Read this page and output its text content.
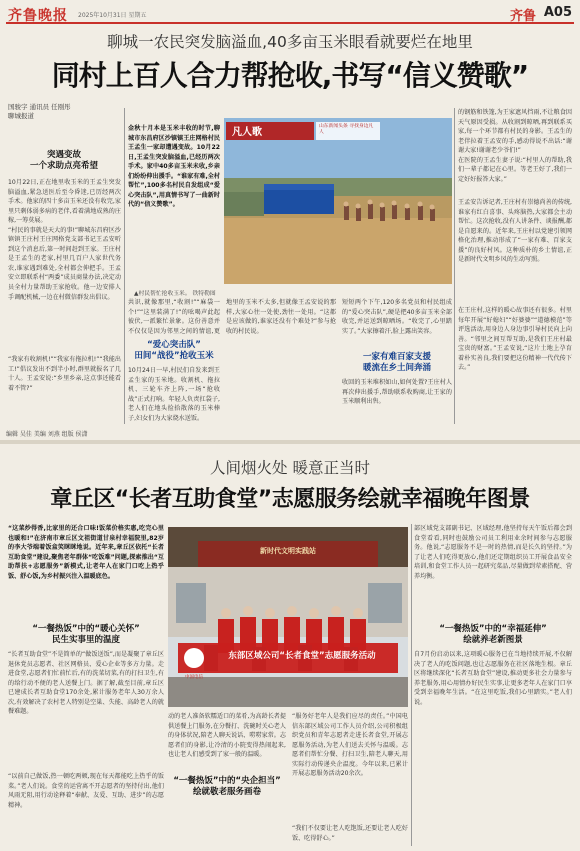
齐鲁晚报 2025年10月31日 星期五	齐鲁 A05
聊城一农民突发脑溢血,40多亩玉米眼看就要烂在地里
同村上百人合力帮抢收,书写“信义赞歌”
国骏字 通讯员 任刚彤
聊城报道
突遇变故
一个求助点亮希望
10月22日,正在地里收玉米的王孟生突发脑溢血,紧急送医后至今昏迷,已历经两次手术。他家的四十多亩玉米还没有收完,家里只剩体弱多病的老伴,看着满地成熟的庄稼,一筹莫展。
“村民的事就是天大的事!”聊城东昌府区沙镇镇王庄村王庄网格党支部书记王孟安听到这个消息后,第一时间赶到王家。王庄村是王孟生的老家,村里几百户人家世代务农,谁家遇到难处,全村都会伸把手。王孟安立即联系村“两委”成员商量办法,决定动员全村力量帮助王家抢收。他一边安排人手调配机械,一边在村微信群发出倡议。
“我家有收割机!”“我家有拖拉机!”“我能出工!”倡议发出不到半小时,群里就报名了几十人。王孟安说:“乡里乡亲,这点事还能看着不管?”
金秋十月本是玉米丰收的时节,聊城市东昌府区沙镇镇王庄网格村民王孟生一家却遭遇变故。10月22日,王孟生突发脑溢血,已经历两次手术。家中40多亩玉米未收,乡亲们纷纷伸出援手。“谁家有难,全村帮忙”,100多名村民自发组成“爱心突击队”,用真情书写了一曲新时代的“信义赞歌”。
凡人歌
山东新闻头条 寻找身边凡人
▲村民帮忙抢收玉米。 铁特勒图
共识,就像那里,“收割!”“麻袋一个!”“这里装满了!”的吆喝声此起彼伏,一派繁忙景象。这份善意并不仅仅是因为邻里之间的情谊,更
“爱心突击队”
田间“战役”抢收玉米
10月24日一早,村民们自发来到王孟生家的玉米地。收割机、拖拉机、三轮车齐上阵,一场“抢收战”正式打响。年轻人负责扛袋子,老人们在地头捡拾散落的玉米棒子,妇女们为大家烧水送饭。
地里的玉米不太多,但就像王孟安说的那样,大家心往一处使,劲往一处用。“这都是应该做的,谁家还没有个难处?”参与抢收的村民说。
短短两个下午,120多名党员和村民组成的“爱心突击队”,硬是把40多亩玉米全部收完,并运送到晾晒场。“收完了,心里踏实了。”大家擦着汗,脸上露出笑容。
一家有难百家支援
暖流在乡土间奔涌
收回的玉米堆积如山,如何处置?王庄村人再次伸出援手,帮助联系收购商,让王家的玉米顺利出售。
的钢筋和铁篷,为王家遮风挡雨,不让粮食因天气原因受损。从收割到晾晒,再到联系买家,每一个环节都有村民的身影。王孟生的老伴拉着王孟安的手,感动得说不出话:“谢谢大家!谢谢老少爷们!”
在医院的王孟生妻子说:“村里人的帮助,我们一辈子都记在心里。等老王好了,我们一定好好报答大家。”
王孟安告诉记者,王庄村有崇德尚善的传统,谁家有红白喜事、头疼脑热,大家都会主动帮忙。这次抢收,没有人讲条件、谈报酬,都是自愿来的。近年来,王庄村以党建引领网格化治理,推动形成了“一家有难、百家支援”的良好村风。这种质朴的乡土情谊,正是新时代文明乡风的生动写照。
在王庄村,这样的暖心故事还有很多。村里每年开展“好媳妇”“好婆婆”“道德模范”等评选活动,用身边人身边事引导村民向上向善。“邻里之间互帮互助,是我们王庄村最宝贵的财富。”王孟安说,“这片土地上孕育着朴实善良,我们要把这份精神一代代传下去。”
编辑 吴佳 美编 刘燕 组版 侯潇
人间烟火处 暖意正当时
章丘区“长者互助食堂”志愿服务绘就幸福晚年图景
“这菜炒得香,比家里的还合口味!饭菜价格实惠,吃完心里也暖和!”在济南市章丘区文祖街道甘泉村幸福院里,82岁的李大爷端着饭盒笑眯眯地说。近年来,章丘区依托“长者互助食堂”建设,聚焦老年群体“吃饭难”问题,探索推出“互助帮扶+志愿服务”新模式,让老年人在家门口吃上热乎饭、舒心饭,为乡村振兴注入温暖底色。
“一餐热饭”中的“暖心关怀”
民生实事里的温度
“长者互助食堂”不是简单的“做饭送饭”,而是凝聚了章丘区退休党员志愿者、社区网格员、爱心企业等多方力量。走进食堂,志愿者们忙前忙后,有的洗菜切菜,有的打扫卫生,有的给行动不便的老人送餐上门。据了解,截至目前,章丘区已建成长者互助食堂170余处,累计服务老年人30万余人次,有效解决了农村老人特别是空巢、失能、高龄老人的就餐难题。
“以前自己做饭,热一顿吃两顿,现在每天都能吃上热乎的饭菜。”老人们说。食堂的运营离不开志愿者的坚持付出,他们风雨无阻,用行动诠释着“奉献、友爱、互助、进步”的志愿精神。
新时代文明实践站
东部区域公司“长者食堂”志愿服务活动
中国电信
动的老人准备软糯适口的菜肴,为高龄长者提供送餐上门服务,在分餐打、洗碗时关心老人的身体状况,陪老人聊天说话、唠唠家常。志愿者们的身影,让冷清的小院变得热闹起来,也让老人们感受到了家一般的温暖。
“一餐热饭”中的“央企担当”
绘就敬老服务画卷
“服务好老年人是我们应尽的责任。”中国电信东部区域公司工作人员介绍,公司积极组织党员和青年志愿者走进长者食堂,开展志愿服务活动,为老人们送去关怀与温暖。志愿者们帮忙分餐、打扫卫生,陪老人聊天,用实际行动传递央企温度。今年以来,已累计开展志愿服务活动20余次。
“我们不仅要让老人吃饱饭,还要让老人吃好饭、吃得舒心。”
部区域党支部副书记、区域经理,他坚持每天午饭后都会到食堂看看,同时也鼓励公司员工利用业余时间参与志愿服务。他说,“志愿服务不是一时的热情,而是长久的坚持。”为了让老人们吃得更放心,他们还定期组织员工开展食品安全培训,和食堂工作人员一起研究菜品,尽量做到荤素搭配、营养均衡。
“一餐热饭”中的“幸福延伸”
绘就养老新图景
自7月份启动以来,这项暖心服务已在当地持续开展,不仅解决了老人的吃饭问题,也让志愿服务在社区落地生根。章丘区将继续深化“长者互助食堂”建设,推动更多社会力量参与养老服务,用心用情办好民生实事,让更多老年人在家门口享受到幸福晚年生活。“在这里吃饭,我们心里踏实。”老人们说。
